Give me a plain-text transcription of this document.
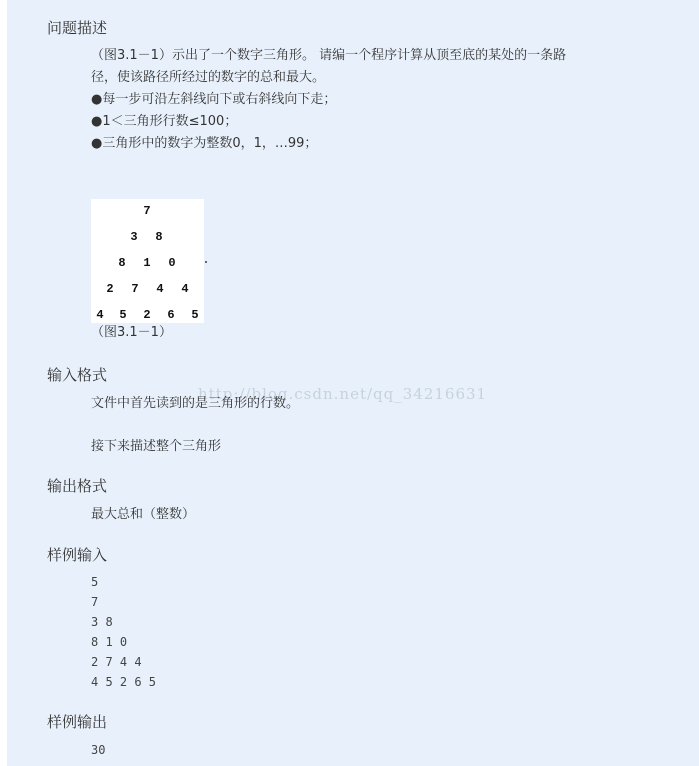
问题描述
（图3.1－1）示出了一个数字三角形。 请编一个程序计算从顶至底的某处的一条路
径，使该路径所经过的数字的总和最大。
●每一步可沿左斜线向下或右斜线向下走；
●1＜三角形行数≤100；
●三角形中的数字为整数0，1，…99；
7
3 8
8 1 0
2 7 4 4
4 5 2 6 5
（图3.1－1）
输入格式
http://blog.csdn.net/qq_34216631
文件中首先读到的是三角形的行数。
接下来描述整个三角形
输出格式
最大总和（整数）
样例输入
5
7
3 8
8 1 0
2 7 4 4
4 5 2 6 5
样例输出
30
